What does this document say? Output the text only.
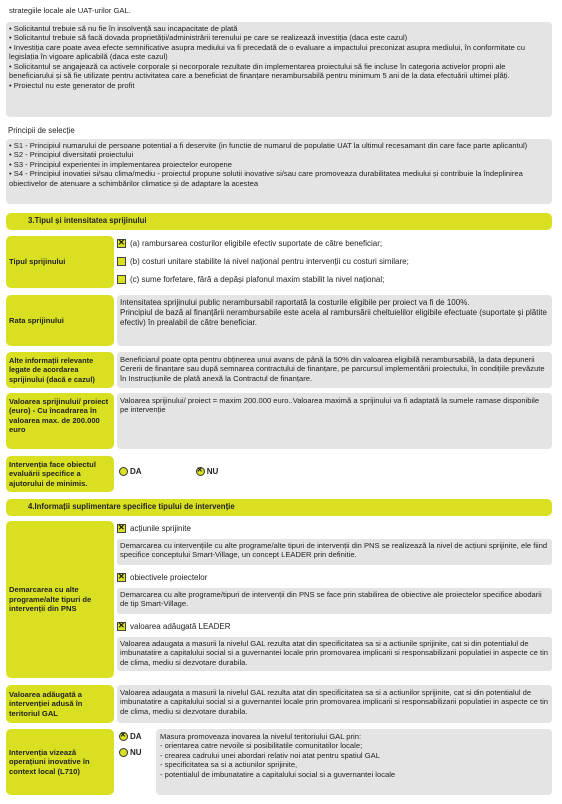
strategiile locale ale UAT-urilor GAL.
• Solicitantul trebuie să nu fie în insolvență sau incapacitate de plată
• Solicitantul trebuie să facă dovada proprietății/administrării terenului pe care se realizează investiția (daca este cazul)
• Investiția care poate avea efecte semnificative asupra mediului va fi precedată de o evaluare a impactului preconizat asupra mediului, în conformitate cu legislația în vigoare aplicabilă (daca este cazul)
• Solicitantul se angajează ca activele corporale și necorporale rezultate din implementarea proiectului să fie incluse în categoria activelor proprii ale beneficiarului și să fie utilizate pentru activitatea care a beneficiat de finanțare nerambursabilă pentru minimum 5 ani de la data efectuării ultimei plăți.
• Proiectul nu este generator de profit
Principii de selecție
• S1 - Principiul numarului de persoane potential a fi deservite (in functie de numarul de populatie UAT la ultimul recesamant din care face parte aplicantul)
• S2 - Principiul diversitatii proiectului
• S3 - Principiul experientei in implementarea proiectelor europene
• S4 - Principiul inovatiei si/sau clima/mediu - proiectul propune solutii inovative si/sau care promoveaza durabilitatea mediului și contribuie la îndeplinirea obiectivelor de atenuare a schimbărilor climatice și de adaptare la acestea
3.Tipul și intensitatea sprijinului
Tipul sprijinului
✕
(a) rambursarea costurilor eligibile efectiv suportate de către beneficiar;
(b) costuri unitare stabilite la nivel național pentru intervenții cu costuri similare;
(c) sume forfetare, fără a depăși plafonul maxim stabilit la nivel național;
Rata sprijinului
Intensitatea sprijinului public nerambursabil raportată la costurile eligibile per proiect va fi de 100%.
Principiul de bază al finanțării nerambursabile este acela al rambursării cheltuielilor eligibile efectuate (suportate și plătite efectiv) în prealabil de către beneficiar.
Alte informații relevante legate de acordarea sprijinului (dacă e cazul)
Beneficiarul poate opta pentru obținerea unui avans de până la 50% din valoarea eligibilă nerambursabilă, la data depunerii Cererii de finanțare sau după semnarea contractului de finanțare, pe parcursul implementării proiectului, în condițiile prevăzute în Instrucțiunile de plată anexă la Contractul de finanțare.
Valoarea sprijinului/ proiect (euro) - Cu încadrarea în valoarea max. de 200.000 euro
Valoarea sprijinului/ proiect = maxim 200.000 euro..Valoarea maximă a sprijinului va fi adaptată la sumele ramase disponibile pe intervenție
Intervenția face obiectul evaluării specifice a ajutorului de minimis.
DA  ✕	NU
4.Informații suplimentare specifice tipului de intervenție
Demarcarea cu alte programe/alte tipuri de intervenții din PNS
✕
acțiunile sprijinite
Demarcarea cu intervențiile cu alte programe/alte tipuri de intervenții din PNS se realizează la nivel de acțiuni sprijinite, ele fiind specifice conceptului Smart-Village, un concept LEADER prin definitie.
✕
obiectivele proiectelor
Demarcarea cu alte programe/tipuri de intervenții din PNS se face prin stabilirea de obiective ale proiectelor specifice abodarii de tip Smart-Village.
✕
valoarea adăugată LEADER
Valoarea adaugata a masurii la nivelul GAL rezulta atat din specificitatea sa si a actiunile sprijinite, cat si din potentialul de imbunatatire a capitalului social si a guvernantei locale prin promovarea implicarii si responsabilizarii populatiei in aspecte ce tin de clima, mediu si dezvotare durabila.
Valoarea adăugată a intervenției adusă în teritoriul GAL
Valoarea adaugata a masurii la nivelul GAL rezulta atat din specificitatea sa si a actiunilor sprijinite, cat si din potentialul de imbunatatire a capitalului social si a guvernantei locale prin promovarea implicarii si responsabilizarii populatiei in aspecte ce tin de clima, mediu si dezvotare durabila.
Intervenția vizează operațiuni inovative în context local (L710)
✕DA
NU
Masura promoveaza inovarea la nivelul teritoriului GAL prin:
- orientarea catre nevoile si posibilitatile comunitatilor locale;
- crearea cadrului unei abordari relativ noi atat pentru spatiul GAL
- specificitatea sa si a actiunilor sprijinite,
- potentialul de imbunatatire a capitalului social si a guvernantei locale
